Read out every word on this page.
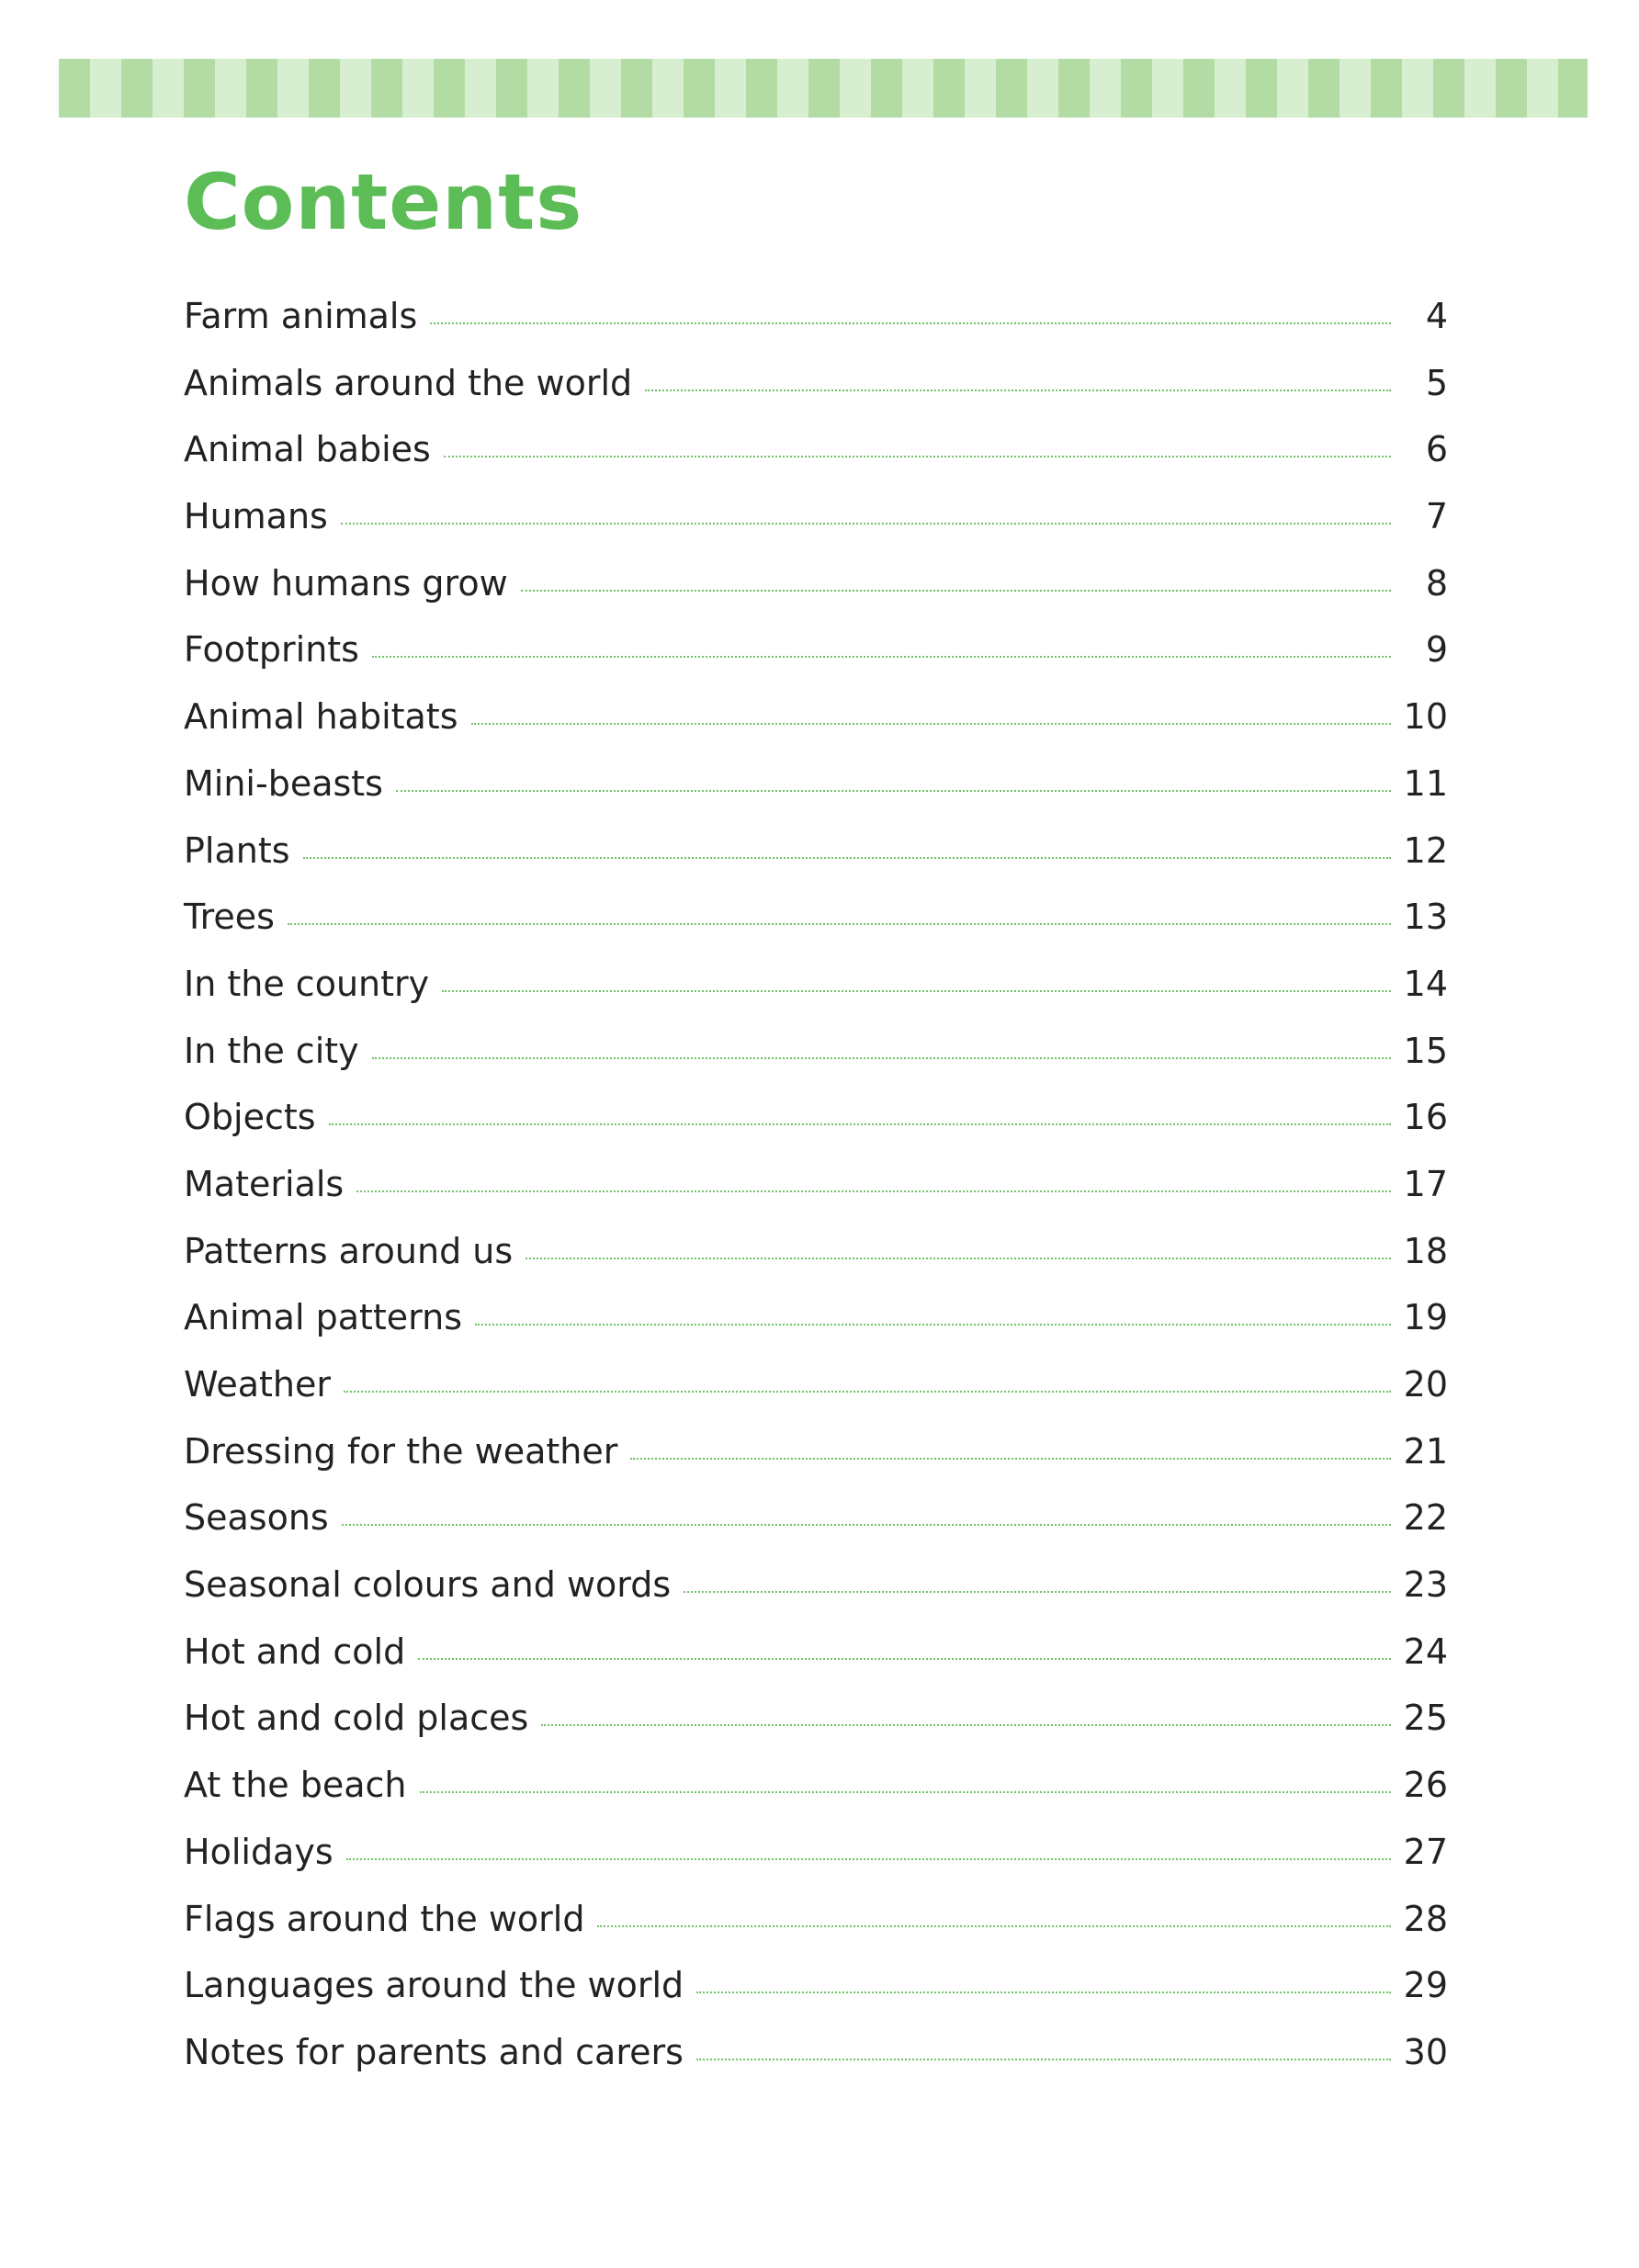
Contents
Farm animals	4
Animals around the world	5
Animal babies	6
Humans	7
How humans grow	8
Footprints	9
Animal habitats	10
Mini-beasts	11
Plants	12
Trees	13
In the country	14
In the city	15
Objects	16
Materials	17
Patterns around us	18
Animal patterns	19
Weather	20
Dressing for the weather	21
Seasons	22
Seasonal colours and words	23
Hot and cold	24
Hot and cold places	25
At the beach	26
Holidays	27
Flags around the world	28
Languages around the world	29
Notes for parents and carers	30
